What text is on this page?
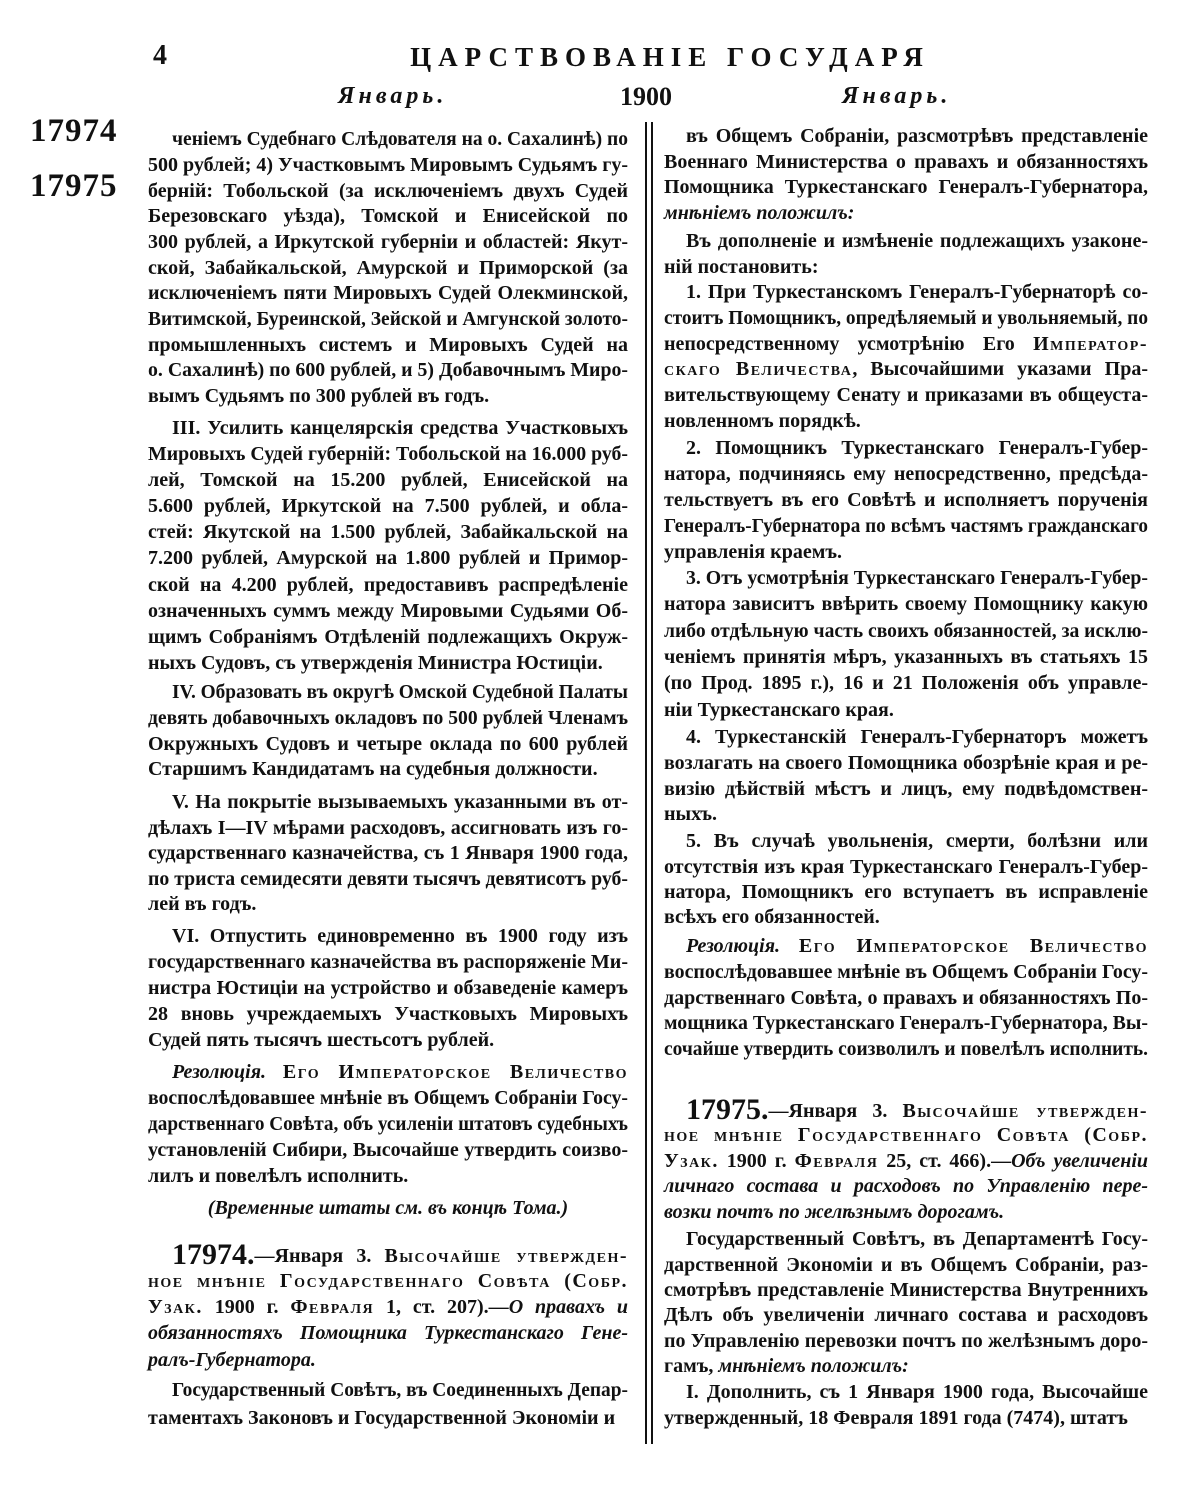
4	ЦАРСТВОВАНІЕ ГОСУДАРЯ
Январь.	1900	Январь.
17974
17975
ченіемъ Судебнаго Слѣдователя на о. Сахалинѣ) по
500 рублей; 4) Участковымъ Мировымъ Судьямъ гу-
берній: Тобольской (за исключеніемъ двухъ Судей
Березовскаго уѣзда), Томской и Енисейской по
300 рублей, а Иркутской губерніи и областей: Якут-
ской, Забайкальской, Амурской и Приморской (за
исключеніемъ пяти Мировыхъ Судей Олекминской,
Витимской, Буреинской, Зейской и Амгунской золото-
промышленныхъ системъ и Мировыхъ Судей на
о. Сахалинѣ) по 600 рублей, и 5) Добавочнымъ Миро-
вымъ Судьямъ по 300 рублей въ годъ.
III. Усилить канцелярскія средства Участковыхъ
Мировыхъ Судей губерній: Тобольской на 16.000 руб-
лей, Томской на 15.200 рублей, Енисейской на
5.600 рублей, Иркутской на 7.500 рублей, и обла-
стей: Якутской на 1.500 рублей, Забайкальской на
7.200 рублей, Амурской на 1.800 рублей и Примор-
ской на 4.200 рублей, предоставивъ распредѣленіе
означенныхъ суммъ между Мировыми Судьями Об-
щимъ Собраніямъ Отдѣленій подлежащихъ Окруж-
ныхъ Судовъ, съ утвержденія Министра Юстиціи.
IV. Образовать въ округѣ Омской Судебной Палаты
девять добавочныхъ окладовъ по 500 рублей Членамъ
Окружныхъ Судовъ и четыре оклада по 600 рублей
Старшимъ Кандидатамъ на судебныя должности.
V. На покрытіе вызываемыхъ указанными въ от-
дѣлахъ I—IV мѣрами расходовъ, ассигновать изъ го-
сударственнаго казначейства, съ 1 Января 1900 года,
по триста семидесяти девяти тысячъ девятисотъ руб-
лей въ годъ.
VI. Отпустить единовременно въ 1900 году изъ
государственнаго казначейства въ распоряженіе Ми-
нистра Юстиціи на устройство и обзаведеніе камеръ
28 вновь учреждаемыхъ Участковыхъ Мировыхъ
Судей пять тысячъ шестьсотъ рублей.
Резолюція. Его Императорское Величество
воспослѣдовавшее мнѣніе въ Общемъ Собраніи Госу-
дарственнаго Совѣта, объ усиленіи штатовъ судебныхъ
установленій Сибири, Высочайше утвердить соизво-
лилъ и повелѣлъ исполнить.
(Временные штаты см. въ концѣ Тома.)
17974.—Января 3. Высочайше утвержден-
ное мнѣніе Государственнаго Совѣта (Собр.
Узак. 1900 г. Февраля 1, ст. 207).—О правахъ и
обязанностяхъ Помощника Туркестанскаго Гене-
ралъ-Губернатора.
Государственный Совѣтъ, въ Соединенныхъ Депар-
таментахъ Законовъ и Государственной Экономіи и
въ Общемъ Собраніи, разсмотрѣвъ представленіе
Военнаго Министерства о правахъ и обязанностяхъ
Помощника Туркестанскаго Генералъ-Губернатора,
мнѣніемъ положилъ:
Въ дополненіе и измѣненіе подлежащихъ узаконе-
ній постановить:
1. При Туркестанскомъ Генералъ-Губернаторѣ со-
стоитъ Помощникъ, опредѣляемый и увольняемый, по
непосредственному усмотрѣнію Его Император-
скаго Величества, Высочайшими указами Пра-
вительствующему Сенату и приказами въ общеуста-
новленномъ порядкѣ.
2. Помощникъ Туркестанскаго Генералъ-Губер-
натора, подчиняясь ему непосредственно, предсѣда-
тельствуетъ въ его Совѣтѣ и исполняетъ порученія
Генералъ-Губернатора по всѣмъ частямъ гражданскаго
управленія краемъ.
3. Отъ усмотрѣнія Туркестанскаго Генералъ-Губер-
натора зависитъ ввѣрить своему Помощнику какую
либо отдѣльную часть своихъ обязанностей, за исклю-
ченіемъ принятія мѣръ, указанныхъ въ статьяхъ 15
(по Прод. 1895 г.), 16 и 21 Положенія объ управле-
ніи Туркестанскаго края.
4. Туркестанскій Генералъ-Губернаторъ можетъ
возлагать на своего Помощника обозрѣніе края и ре-
визію дѣйствій мѣстъ и лицъ, ему подвѣдомствен-
ныхъ.
5. Въ случаѣ увольненія, смерти, болѣзни или
отсутствія изъ края Туркестанскаго Генералъ-Губер-
натора, Помощникъ его вступаетъ въ исправленіе
всѣхъ его обязанностей.
Резолюція. Его Императорское Величество
воспослѣдовавшее мнѣніе въ Общемъ Собраніи Госу-
дарственнаго Совѣта, о правахъ и обязанностяхъ По-
мощника Туркестанскаго Генералъ-Губернатора, Вы-
сочайше утвердить соизволилъ и повелѣлъ исполнить.
17975.—Января 3. Высочайше утвержден-
ное мнѣніе Государственнаго Совѣта (Собр.
Узак. 1900 г. Февраля 25, ст. 466).—Объ увеличеніи
личнаго состава и расходовъ по Управленію пере-
возки почтъ по желѣзнымъ дорогамъ.
Государственный Совѣтъ, въ Департаментѣ Госу-
дарственной Экономіи и въ Общемъ Собраніи, раз-
смотрѣвъ представленіе Министерства Внутреннихъ
Дѣлъ объ увеличеніи личнаго состава и расходовъ
по Управленію перевозки почтъ по желѣзнымъ доро-
гамъ, мнѣніемъ положилъ:
I. Дополнить, съ 1 Января 1900 года, Высочайше
утвержденный, 18 Февраля 1891 года (7474), штатъ
